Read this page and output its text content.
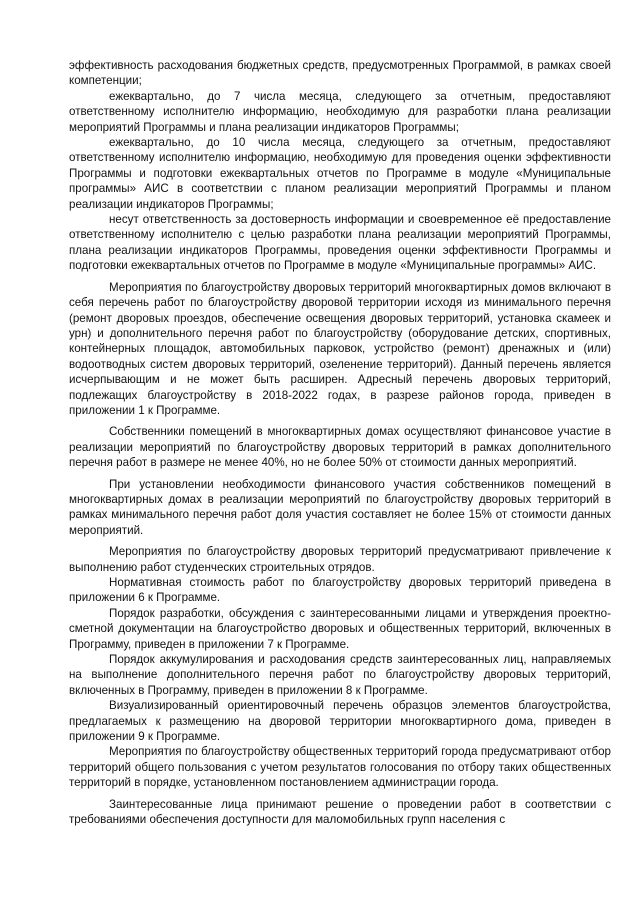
эффективность расходования бюджетных средств, предусмотренных Программой, в рамках своей компетенции;

ежеквартально, до 7 числа месяца, следующего за отчетным, предоставляют ответственному исполнителю информацию, необходимую для разработки плана реализации мероприятий Программы и плана реализации индикаторов Программы;

ежеквартально, до 10 числа месяца, следующего за отчетным, предоставляют ответственному исполнителю информацию, необходимую для проведения оценки эффективности Программы и подготовки ежеквартальных отчетов по Программе в модуле «Муниципальные программы» АИС в соответствии с планом реализации мероприятий Программы и планом реализации индикаторов Программы;

несут ответственность за достоверность информации и своевременное её предоставление ответственному исполнителю с целью разработки плана реализации мероприятий Программы, плана реализации индикаторов Программы, проведения оценки эффективности Программы и подготовки ежеквартальных отчетов по Программе в модуле «Муниципальные программы» АИС.

Мероприятия по благоустройству дворовых территорий многоквартирных домов включают в себя перечень работ по благоустройству дворовой территории исходя из минимального перечня (ремонт дворовых проездов, обеспечение освещения дворовых территорий, установка скамеек и урн) и дополнительного перечня работ по благоустройству (оборудование детских, спортивных, контейнерных площадок, автомобильных парковок, устройство (ремонт) дренажных и (или) водоотводных систем дворовых территорий, озеленение территорий). Данный перечень является исчерпывающим и не может быть расширен. Адресный перечень дворовых территорий, подлежащих благоустройству в 2018-2022 годах, в разрезе районов города, приведен в приложении 1 к Программе.

Собственники помещений в многоквартирных домах осуществляют финансовое участие в реализации мероприятий по благоустройству дворовых территорий в рамках дополнительного перечня работ в размере не менее 40%, но не более 50% от стоимости данных мероприятий.

При установлении необходимости финансового участия собственников помещений в многоквартирных домах в реализации мероприятий по благоустройству дворовых территорий в рамках минимального перечня работ доля участия составляет не более 15% от стоимости данных мероприятий.

Мероприятия по благоустройству дворовых территорий предусматривают привлечение к выполнению работ студенческих строительных отрядов.

Нормативная стоимость работ по благоустройству дворовых территорий приведена в приложении 6 к Программе.

Порядок разработки, обсуждения с заинтересованными лицами и утверждения проектно-сметной документации на благоустройство дворовых и общественных территорий, включенных в Программу, приведен в приложении 7 к Программе.

Порядок аккумулирования и расходования средств заинтересованных лиц, направляемых на выполнение дополнительного перечня работ по благоустройству дворовых территорий, включенных в Программу, приведен в приложении 8 к Программе.

Визуализированный ориентировочный перечень образцов элементов благоустройства, предлагаемых к размещению на дворовой территории многоквартирного дома, приведен в приложении 9 к Программе.

Мероприятия по благоустройству общественных территорий города предусматривают отбор территорий общего пользования с учетом результатов голосования по отбору таких общественных территорий в порядке, установленном постановлением администрации города.

Заинтересованные лица принимают решение о проведении работ в соответствии с требованиями обеспечения доступности для маломобильных групп населения с
